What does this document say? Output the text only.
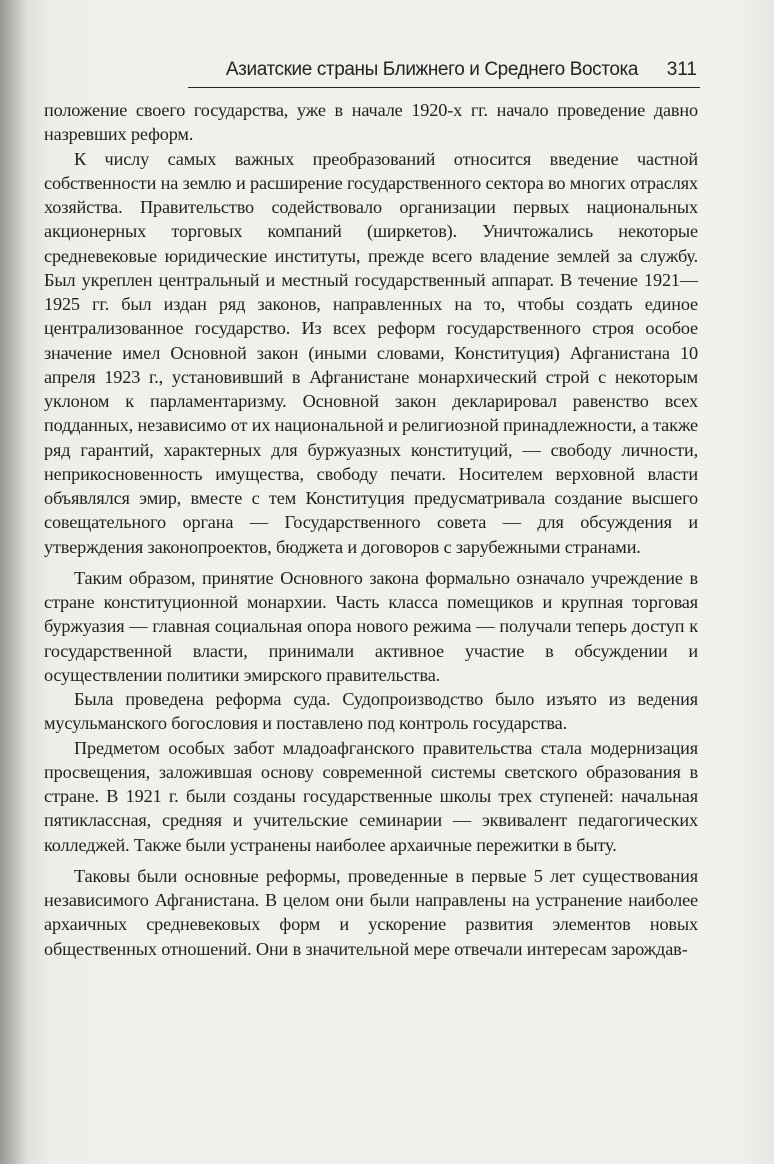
Азиатские страны Ближнего и Среднего Востока	311

положение своего государства, уже в начале 1920-х гг. начало проведение давно назревших реформ.

К числу самых важных преобразований относится введение частной собственности на землю и расширение государственного сектора во многих отраслях хозяйства. Правительство содействовало организации первых национальных акционерных торговых компаний (ширкетов). Уничтожались некоторые средневековые юридические институты, прежде всего владение землей за службу. Был укреплен центральный и местный государственный аппарат. В течение 1921—1925 гг. был издан ряд законов, направленных на то, чтобы создать единое централизованное государство. Из всех реформ государственного строя особое значение имел Основной закон (иными словами, Конституция) Афганистана 10 апреля 1923 г., установивший в Афганистане монархический строй с некоторым уклоном к парламентаризму. Основной закон декларировал равенство всех подданных, независимо от их национальной и религиозной принадлежности, а также ряд гарантий, характерных для буржуазных конституций, — свободу личности, неприкосновенность имущества, свободу печати. Носителем верховной власти объявлялся эмир, вместе с тем Конституция предусматривала создание высшего совещательного органа — Государственного совета — для обсуждения и утверждения законопроектов, бюджета и договоров с зарубежными странами.

Таким образом, принятие Основного закона формально означало учреждение в стране конституционной монархии. Часть класса помещиков и крупная торговая буржуазия — главная социальная опора нового режима — получали теперь доступ к государственной власти, принимали активное участие в обсуждении и осуществлении политики эмирского правительства.

Была проведена реформа суда. Судопроизводство было изъято из ведения мусульманского богословия и поставлено под контроль государства.

Предметом особых забот младоафганского правительства стала модернизация просвещения, заложившая основу современной системы светского образования в стране. В 1921 г. были созданы государственные школы трех ступеней: начальная пятиклассная, средняя и учительские семинарии — эквивалент педагогических колледжей. Также были устранены наиболее архаичные пережитки в быту.

Таковы были основные реформы, проведенные в первые 5 лет существования независимого Афганистана. В целом они были направлены на устранение наиболее архаичных средневековых форм и ускорение развития элементов новых общественных отношений. Они в значительной мере отвечали интересам зарождав-
